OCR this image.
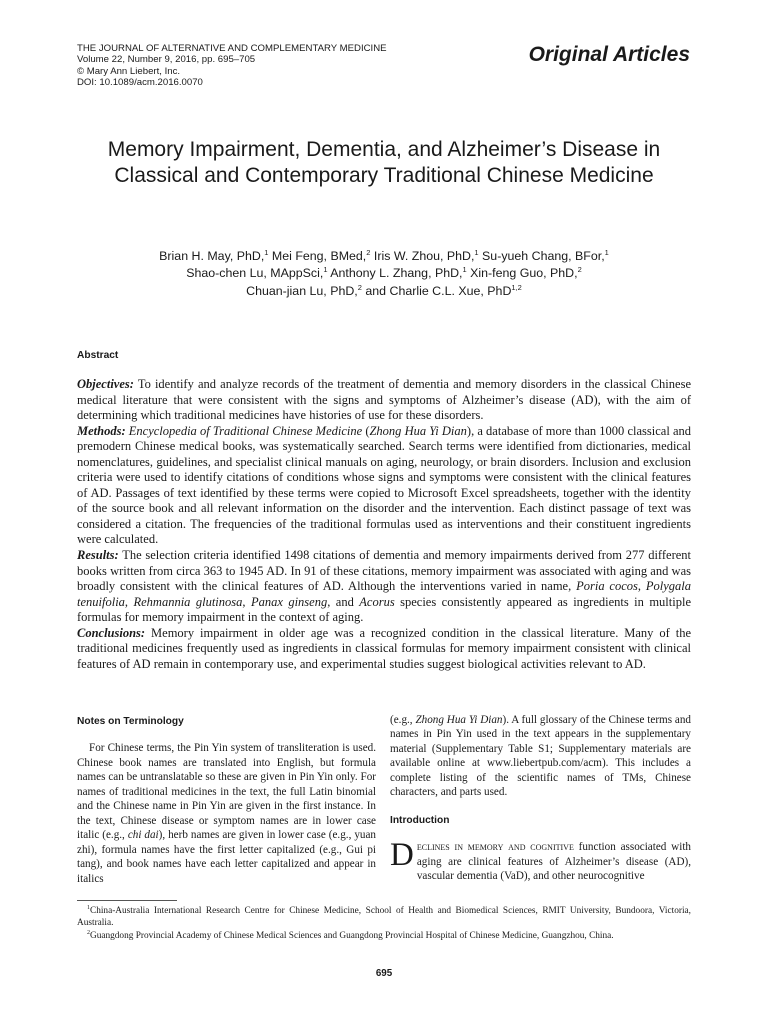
THE JOURNAL OF ALTERNATIVE AND COMPLEMENTARY MEDICINE
Volume 22, Number 9, 2016, pp. 695–705
© Mary Ann Liebert, Inc.
DOI: 10.1089/acm.2016.0070
Original Articles
Memory Impairment, Dementia, and Alzheimer’s Disease in Classical and Contemporary Traditional Chinese Medicine
Brian H. May, PhD,$^1$ Mei Feng, BMed,$^2$ Iris W. Zhou, PhD,$^1$ Su-yueh Chang, BFor,$^1$
Shao-chen Lu, MAppSci,$^1$ Anthony L. Zhang, PhD,$^1$ Xin-feng Guo, PhD,$^2$
Chuan-jian Lu, PhD,$^2$ and Charlie C.L. Xue, PhD$^{1,2}$
Abstract

Objectives: To identify and analyze records of the treatment of dementia and memory disorders in the classical Chinese medical literature that were consistent with the signs and symptoms of Alzheimer’s disease (AD), with the aim of determining which traditional medicines have histories of use for these disorders.

Methods: Encyclopedia of Traditional Chinese Medicine (Zhong Hua Yi Dian), a database of more than 1000 classical and premodern Chinese medical books, was systematically searched. Search terms were identified from dictionaries, medical nomenclatures, guidelines, and specialist clinical manuals on aging, neurology, or brain disorders. Inclusion and exclusion criteria were used to identify citations of conditions whose signs and symptoms were consistent with the clinical features of AD. Passages of text identified by these terms were copied to Microsoft Excel spreadsheets, together with the identity of the source book and all relevant information on the disorder and the intervention. Each distinct passage of text was considered a citation. The frequencies of the traditional formulas used as interventions and their constituent ingredients were calculated.

Results: The selection criteria identified 1498 citations of dementia and memory impairments derived from 277 different books written from circa 363 to 1945 AD. In 91 of these citations, memory impairment was associated with aging and was broadly consistent with the clinical features of AD. Although the interventions varied in name, Poria cocos, Polygala tenuifolia, Rehmannia glutinosa, Panax ginseng, and Acorus species consistently appeared as ingredients in multiple formulas for memory impairment in the context of aging.

Conclusions: Memory impairment in older age was a recognized condition in the classical literature. Many of the traditional medicines frequently used as ingredients in classical formulas for memory impairment consistent with clinical features of AD remain in contemporary use, and experimental studies suggest biological activities relevant to AD.

Notes on Terminology

For Chinese terms, the Pin Yin system of transliteration is used. Chinese book names are translated into English, but formula names can be untranslatable so these are given in Pin Yin only. For names of traditional medicines in the text, the full Latin binomial and the Chinese name in Pin Yin are given in the first instance. In the text, Chinese disease or symptom names are in lower case italic (e.g., chi dai), herb names are given in lower case (e.g., yuan zhi), formula names have the first letter capitalized (e.g., Gui pi tang), and book names have each letter capitalized and appear in italics

(e.g., Zhong Hua Yi Dian). A full glossary of the Chinese terms and names in Pin Yin used in the text appears in the supplementary material (Supplementary Table S1; Supplementary materials are available online at www.liebertpub.com/acm). This includes a complete listing of the scientific names of TMs, Chinese characters, and parts used.

Introduction

Declines in memory and cognitive function associated with aging are clinical features of Alzheimer’s disease (AD), vascular dementia (VaD), and other neurocognitive

$^1$China-Australia International Research Centre for Chinese Medicine, School of Health and Biomedical Sciences, RMIT University, Bundoora, Victoria, Australia.

$^2$Guangdong Provincial Academy of Chinese Medical Sciences and Guangdong Provincial Hospital of Chinese Medicine, Guangzhou, China.

695
